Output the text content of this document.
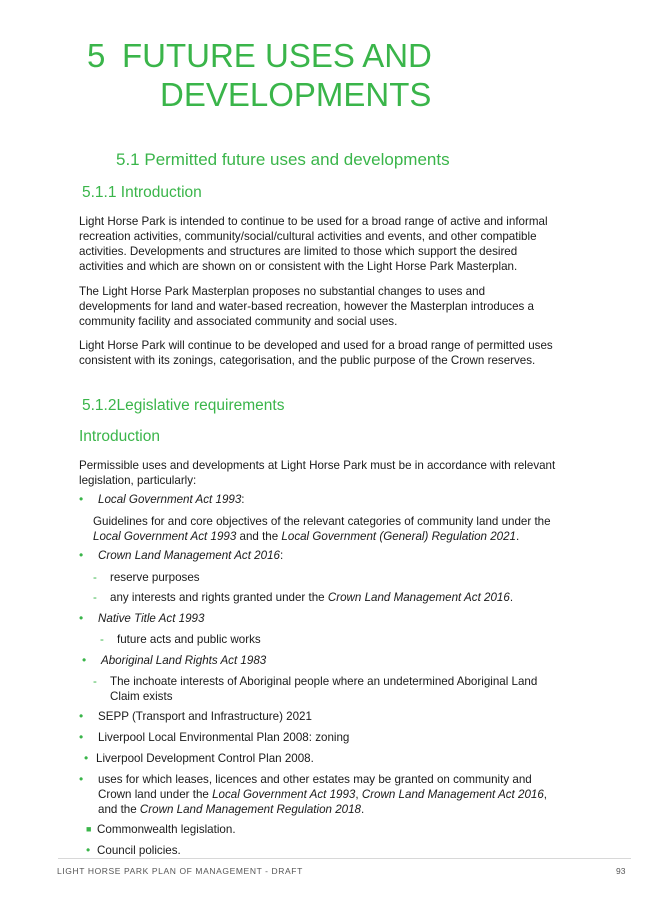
5 FUTURE USES AND
DEVELOPMENTS
5.1 Permitted future uses and developments
5.1.1 Introduction

Light Horse Park is intended to continue to be used for a broad range of active and informal

recreation activities, community/social/cultural activities and events, and other compatible

activities. Developments and structures are limited to those which support the desired

activities and which are shown on or consistent with the Light Horse Park Masterplan.

The Light Horse Park Masterplan proposes no substantial changes to uses and

developments for land and water-based recreation, however the Masterplan introduces a

community facility and associated community and social uses.

Light Horse Park will continue to be developed and used for a broad range of permitted uses

consistent with its zonings, categorisation, and the public purpose of the Crown reserves.

5.1.2Legislative requirements
Introduction

Permissible uses and developments at Light Horse Park must be in accordance with relevant

legislation, particularly:

• Local Government Act 1993:

Guidelines for and core objectives of the relevant categories of community land under the

Local Government Act 1993 and the Local Government (General) Regulation 2021.

• Crown Land Management Act 2016:
- reserve purposes
- any interests and rights granted under the Crown Land Management Act 2016.
• Native Title Act 1993
- future acts and public works
• Aboriginal Land Rights Act 1983
- The inchoate interests of Aboriginal people where an undetermined Aboriginal Land
Claim exists
• SEPP (Transport and Infrastructure) 2021
• Liverpool Local Environmental Plan 2008: zoning
• Liverpool Development Control Plan 2008.
• uses for which leases, licences and other estates may be granted on community and
Crown land under the Local Government Act 1993, Crown Land Management Act 2016,
and the Crown Land Management Regulation 2018.
■ Commonwealth legislation.
• Council policies.
LIGHT HORSE PARK PLAN OF MANAGEMENT - DRAFT	93
